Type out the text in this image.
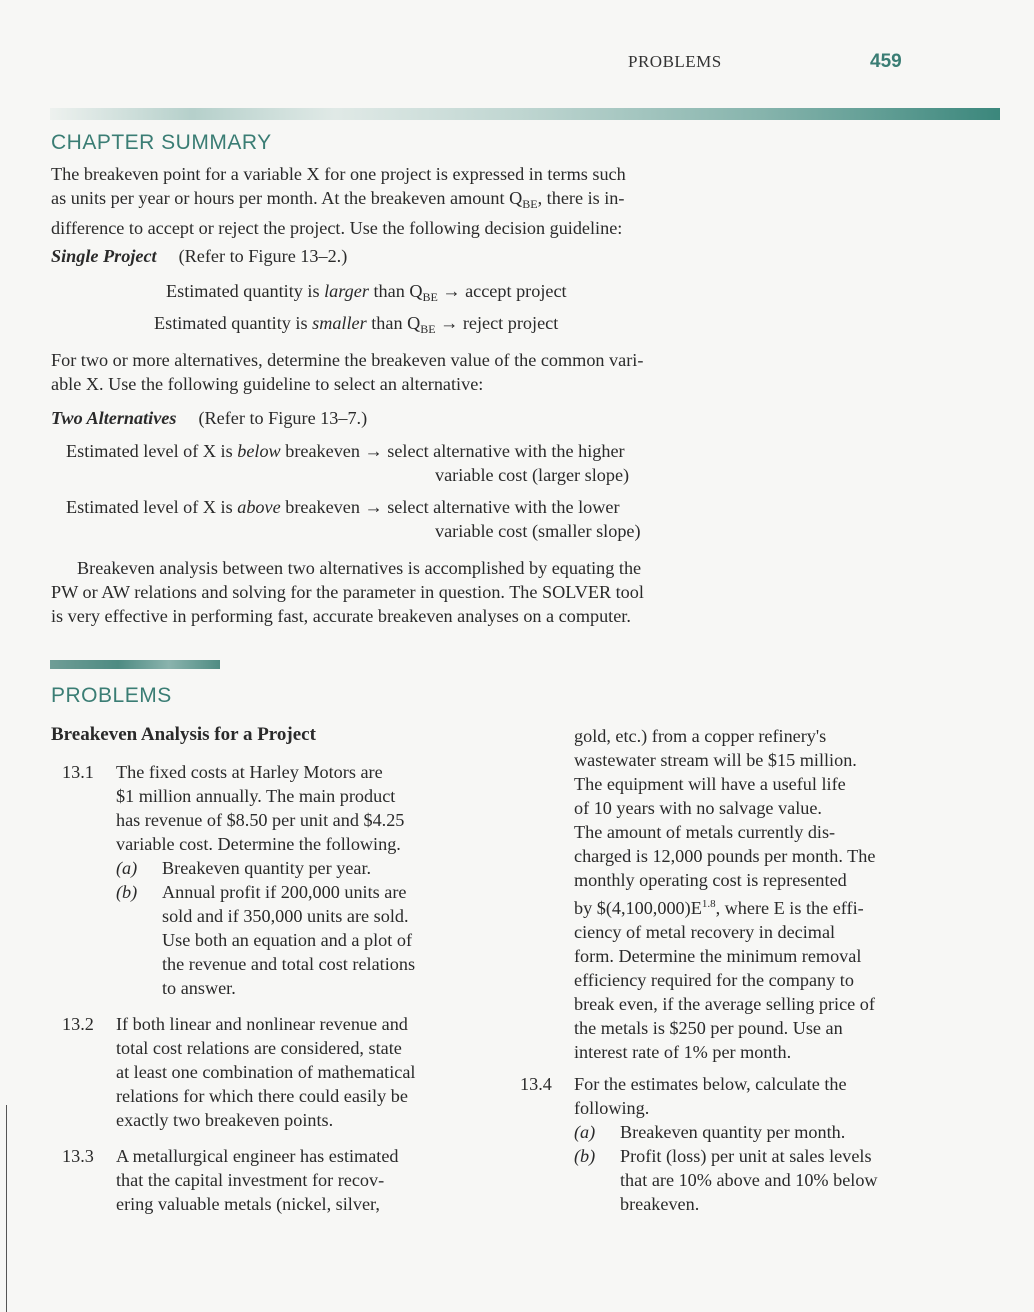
PROBLEMS	459
CHAPTER SUMMARY
The breakeven point for a variable X for one project is expressed in terms such
as units per year or hours per month. At the breakeven amount $Q_{BE}$, there is in-
difference to accept or reject the project. Use the following decision guideline:
Single Project (Refer to Figure 13–2.)
Estimated quantity is larger than $Q_{BE}$ → accept project
Estimated quantity is smaller than $Q_{BE}$ → reject project
For two or more alternatives, determine the breakeven value of the common vari-
able X. Use the following guideline to select an alternative:
Two Alternatives (Refer to Figure 13–7.)
Estimated level of X is below breakeven → select alternative with the higher
variable cost (larger slope)
Estimated level of X is above breakeven → select alternative with the lower
variable cost (smaller slope)
Breakeven analysis between two alternatives is accomplished by equating the
PW or AW relations and solving for the parameter in question. The SOLVER tool
is very effective in performing fast, accurate breakeven analyses on a computer.
PROBLEMS
Breakeven Analysis for a Project
13.1 The fixed costs at Harley Motors are
$1 million annually. The main product
has revenue of $8.50 per unit and $4.25
variable cost. Determine the following.
(a) Breakeven quantity per year.
(b) Annual profit if 200,000 units are
sold and if 350,000 units are sold.
Use both an equation and a plot of
the revenue and total cost relations
to answer.
13.2 If both linear and nonlinear revenue and
total cost relations are considered, state
at least one combination of mathematical
relations for which there could easily be
exactly two breakeven points.
13.3 A metallurgical engineer has estimated
that the capital investment for recov-
ering valuable metals (nickel, silver,
gold, etc.) from a copper refinery's
wastewater stream will be $15 million.
The equipment will have a useful life
of 10 years with no salvage value.
The amount of metals currently dis-
charged is 12,000 pounds per month. The
monthly operating cost is represented
by $\$(4,100,000)E^{1.8}$, where E is the effi-
ciency of metal recovery in decimal
form. Determine the minimum removal
efficiency required for the company to
break even, if the average selling price of
the metals is $250 per pound. Use an
interest rate of 1% per month.
13.4 For the estimates below, calculate the
following.
(a) Breakeven quantity per month.
(b) Profit (loss) per unit at sales levels
that are 10% above and 10% below
breakeven.
